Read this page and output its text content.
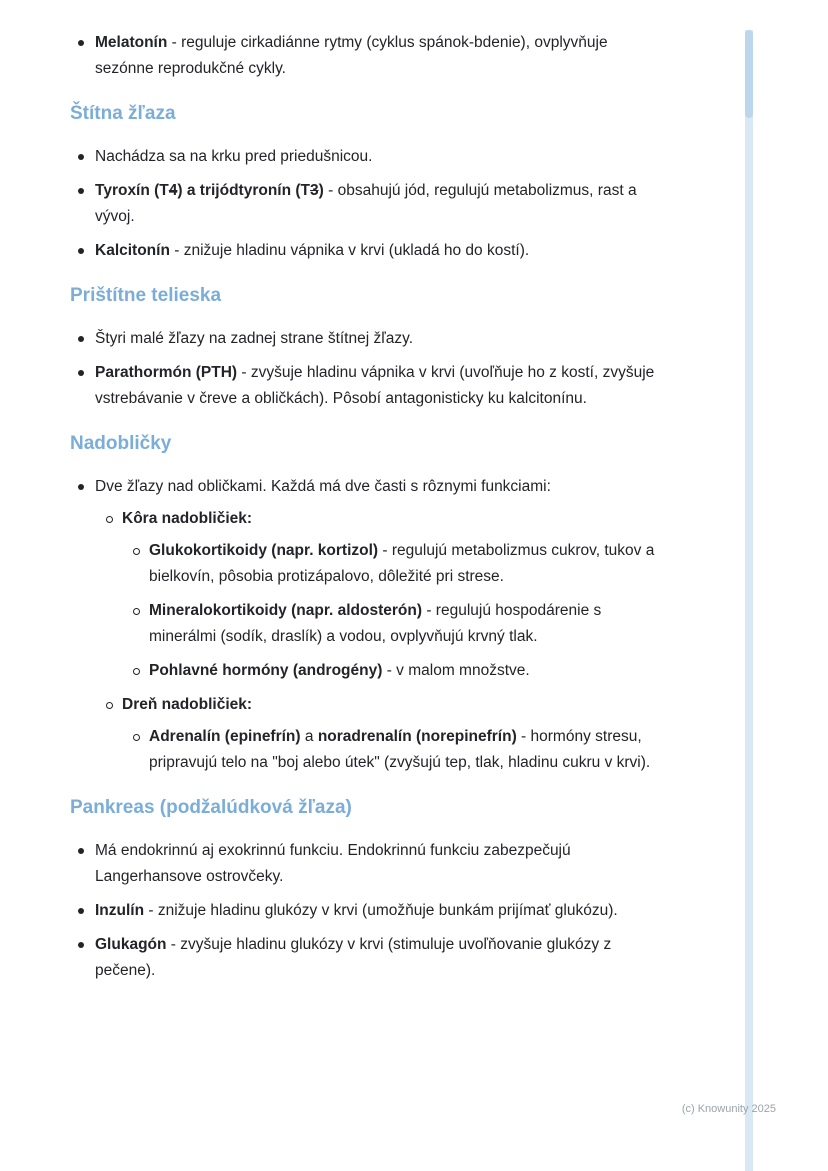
Melatonín - reguluje cirkadiánne rytmy (cyklus spánok-bdenie), ovplyvňuje sezónne reprodukčné cykly.
Štítna žľaza
Nachádza sa na krku pred priedušnicou.
Tyroxín (T4) a trijódtyronín (T3) - obsahujú jód, regulujú metabolizmus, rast a vývoj.
Kalcitonín - znižuje hladinu vápnika v krvi (ukladá ho do kostí).
Prištítne telieska
Štyri malé žľazy na zadnej strane štítnej žľazy.
Parathormón (PTH) - zvyšuje hladinu vápnika v krvi (uvoľňuje ho z kostí, zvyšuje vstrebávanie v čreve a obličkách). Pôsobí antagonisticky ku kalcitonínu.
Nadobličky
Dve žľazy nad obličkami. Každá má dve časti s rôznymi funkciami:
Kôra nadobličiek:
Glukokortikoidy (napr. kortizol) - regulujú metabolizmus cukrov, tukov a bielkovín, pôsobia protizápalovo, dôležité pri strese.
Mineralokortikoidy (napr. aldosterón) - regulujú hospodárenie s minerálmi (sodík, draslík) a vodou, ovplyvňujú krvný tlak.
Pohlavné hormóny (androgény) - v malom množstve.
Dreň nadobličiek:
Adrenalín (epinefrín) a noradrenalín (norepinefrín) - hormóny stresu, pripravujú telo na "boj alebo útek" (zvyšujú tep, tlak, hladinu cukru v krvi).
Pankreas (podžalúdková žľaza)
Má endokrinnú aj exokrinnú funkciu. Endokrinnú funkciu zabezpečujú Langerhansove ostrovčeky.
Inzulín - znižuje hladinu glukózy v krvi (umožňuje bunkám prijímať glukózu).
Glukagón - zvyšuje hladinu glukózy v krvi (stimuluje uvoľňovanie glukózy z pečene).
(c) Knowunity 2025
